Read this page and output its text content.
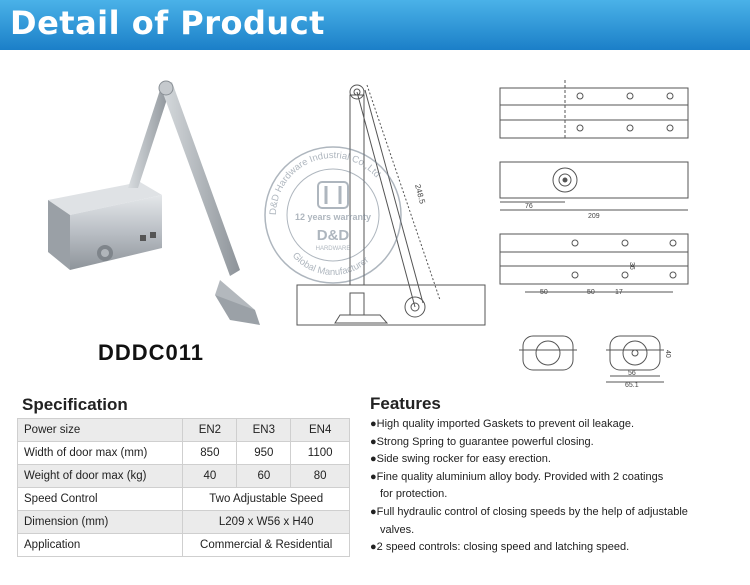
Detail of Product
DDDC011
248.5
76
209
36
50	50	17
40
56
65.1
D&D Hardware Industrial Co.,Ltd
Global Manufacturer
12 years warranty
D&D
HARDWARE
Specification
Power size	EN2	EN3	EN4
Width of door max (mm)	850	950	1100
Weight of door max (kg)	40	60	80
Speed Control	Two Adjustable Speed		
Dimension (mm)	L209 x W56 x H40		
Application	Commercial & Residential		
Features

●High quality imported Gaskets to prevent oil leakage.

●Strong Spring to guarantee powerful closing.

●Side swing rocker for easy erection.

●Fine quality aluminium alloy body. Provided with 2 coatings
for protection.

●Full hydraulic control of closing speeds by the help of adjustable
valves.

●2 speed controls: closing speed and latching speed.
